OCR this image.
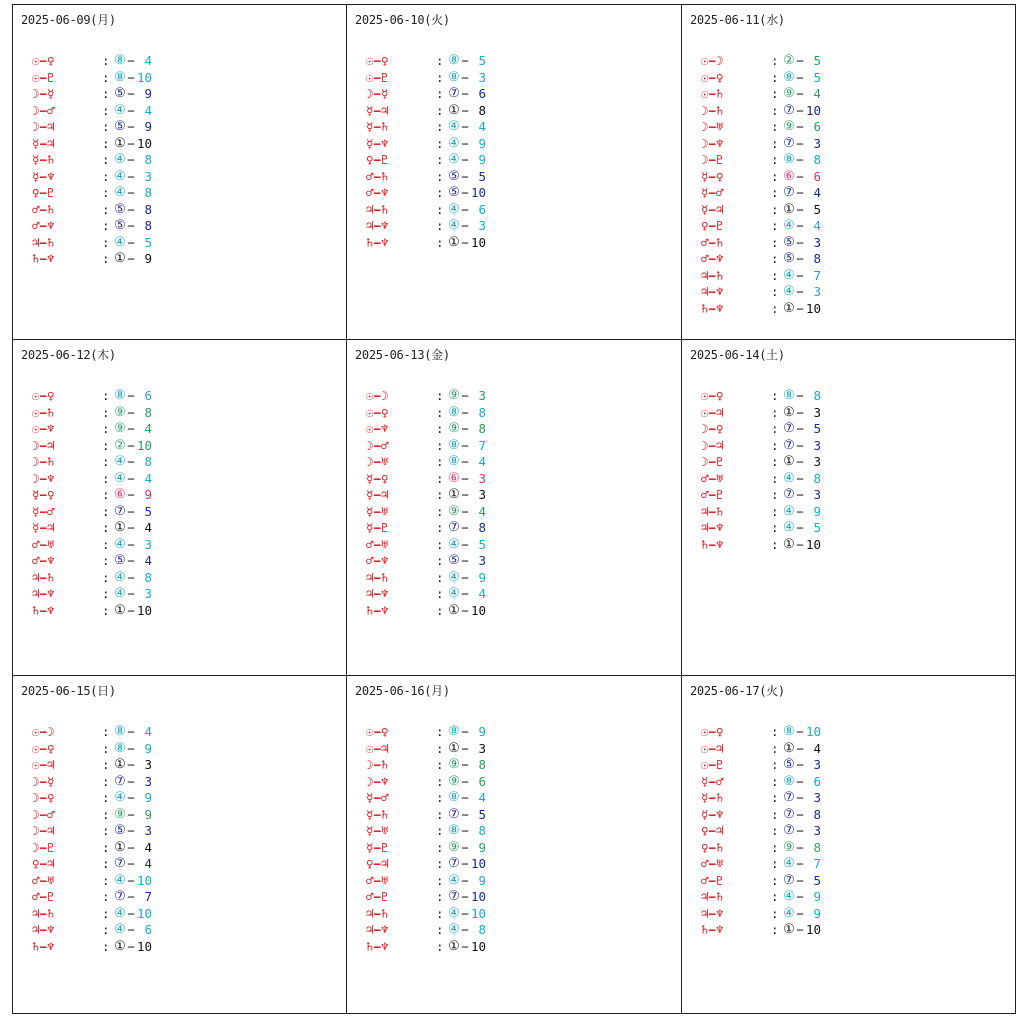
2025-06-09(月)
☉−♀	: ⑧ − 4
☉−♇	: ⑧ − 10
☽−☿	: ⑤ − 9
☽−♂	: ④ − 4
☽−♃	: ⑤ − 9
☿−♃	: ① − 10
☿−♄	: ④ − 8
☿−♆	: ④ − 3
♀−♇	: ④ − 8
♂−♄	: ⑤ − 8
♂−♆	: ⑤ − 8
♃−♄	: ④ − 5
♄−♆	: ① − 9
2025-06-10(火)
☉−♀	: ⑧ − 5
☉−♇	: ⑧ − 3
☽−☿	: ⑦ − 6
☿−♃	: ① − 8
☿−♄	: ④ − 4
☿−♆	: ④ − 9
♀−♇	: ④ − 9
♂−♄	: ⑤ − 5
♂−♆	: ⑤ − 10
♃−♄	: ④ − 6
♃−♆	: ④ − 3
♄−♆	: ① − 10
2025-06-11(水)
☉−☽	: ② − 5
☉−♀	: ⑧ − 5
☉−♄	: ⑨ − 4
☽−♄	: ⑦ − 10
☽−♅	: ⑨ − 6
☽−♆	: ⑦ − 3
☽−♇	: ⑧ − 8
☿−♀	: ⑥ − 6
☿−♂	: ⑦ − 4
☿−♃	: ① − 5
♀−♇	: ④ − 4
♂−♄	: ⑤ − 3
♂−♆	: ⑤ − 8
♃−♄	: ④ − 7
♃−♆	: ④ − 3
♄−♆	: ① − 10
2025-06-12(木)
☉−♀	: ⑧ − 6
☉−♄	: ⑨ − 8
☉−♆	: ⑨ − 4
☽−♃	: ② − 10
☽−♄	: ④ − 8
☽−♆	: ④ − 4
☿−♀	: ⑥ − 9
☿−♂	: ⑦ − 5
☿−♃	: ① − 4
♂−♅	: ④ − 3
♂−♆	: ⑤ − 4
♃−♄	: ④ − 8
♃−♆	: ④ − 3
♄−♆	: ① − 10
2025-06-13(金)
☉−☽	: ⑨ − 3
☉−♀	: ⑧ − 8
☉−♆	: ⑨ − 8
☽−♂	: ⑧ − 7
☽−♅	: ⑧ − 4
☿−♀	: ⑥ − 3
☿−♃	: ① − 3
☿−♅	: ⑨ − 4
☿−♇	: ⑦ − 8
♂−♅	: ④ − 5
♂−♆	: ⑤ − 3
♃−♄	: ④ − 9
♃−♆	: ④ − 4
♄−♆	: ① − 10
2025-06-14(土)
☉−♀	: ⑧ − 8
☉−♃	: ① − 3
☽−♀	: ⑦ − 5
☽−♃	: ⑦ − 3
☽−♇	: ① − 3
♂−♅	: ④ − 8
♂−♇	: ⑦ − 3
♃−♄	: ④ − 9
♃−♆	: ④ − 5
♄−♆	: ① − 10
2025-06-15(日)
☉−☽	: ⑧ − 4
☉−♀	: ⑧ − 9
☉−♃	: ① − 3
☽−☿	: ⑦ − 3
☽−♀	: ④ − 9
☽−♂	: ⑨ − 9
☽−♃	: ⑤ − 3
☽−♇	: ① − 4
♀−♃	: ⑦ − 4
♂−♅	: ④ − 10
♂−♇	: ⑦ − 7
♃−♄	: ④ − 10
♃−♆	: ④ − 6
♄−♆	: ① − 10
2025-06-16(月)
☉−♀	: ⑧ − 9
☉−♃	: ① − 3
☽−♄	: ⑨ − 8
☽−♆	: ⑨ − 6
☿−♂	: ⑧ − 4
☿−♄	: ⑦ − 5
☿−♅	: ⑧ − 8
☿−♇	: ⑨ − 9
♀−♃	: ⑦ − 10
♂−♅	: ④ − 9
♂−♇	: ⑦ − 10
♃−♄	: ④ − 10
♃−♆	: ④ − 8
♄−♆	: ① − 10
2025-06-17(火)
☉−♀	: ⑧ − 10
☉−♃	: ① − 4
☉−♇	: ⑤ − 3
☿−♂	: ⑧ − 6
☿−♄	: ⑦ − 3
☿−♆	: ⑦ − 8
♀−♃	: ⑦ − 3
♀−♄	: ⑨ − 8
♂−♅	: ④ − 7
♂−♇	: ⑦ − 5
♃−♄	: ④ − 9
♃−♆	: ④ − 9
♄−♆	: ① − 10
